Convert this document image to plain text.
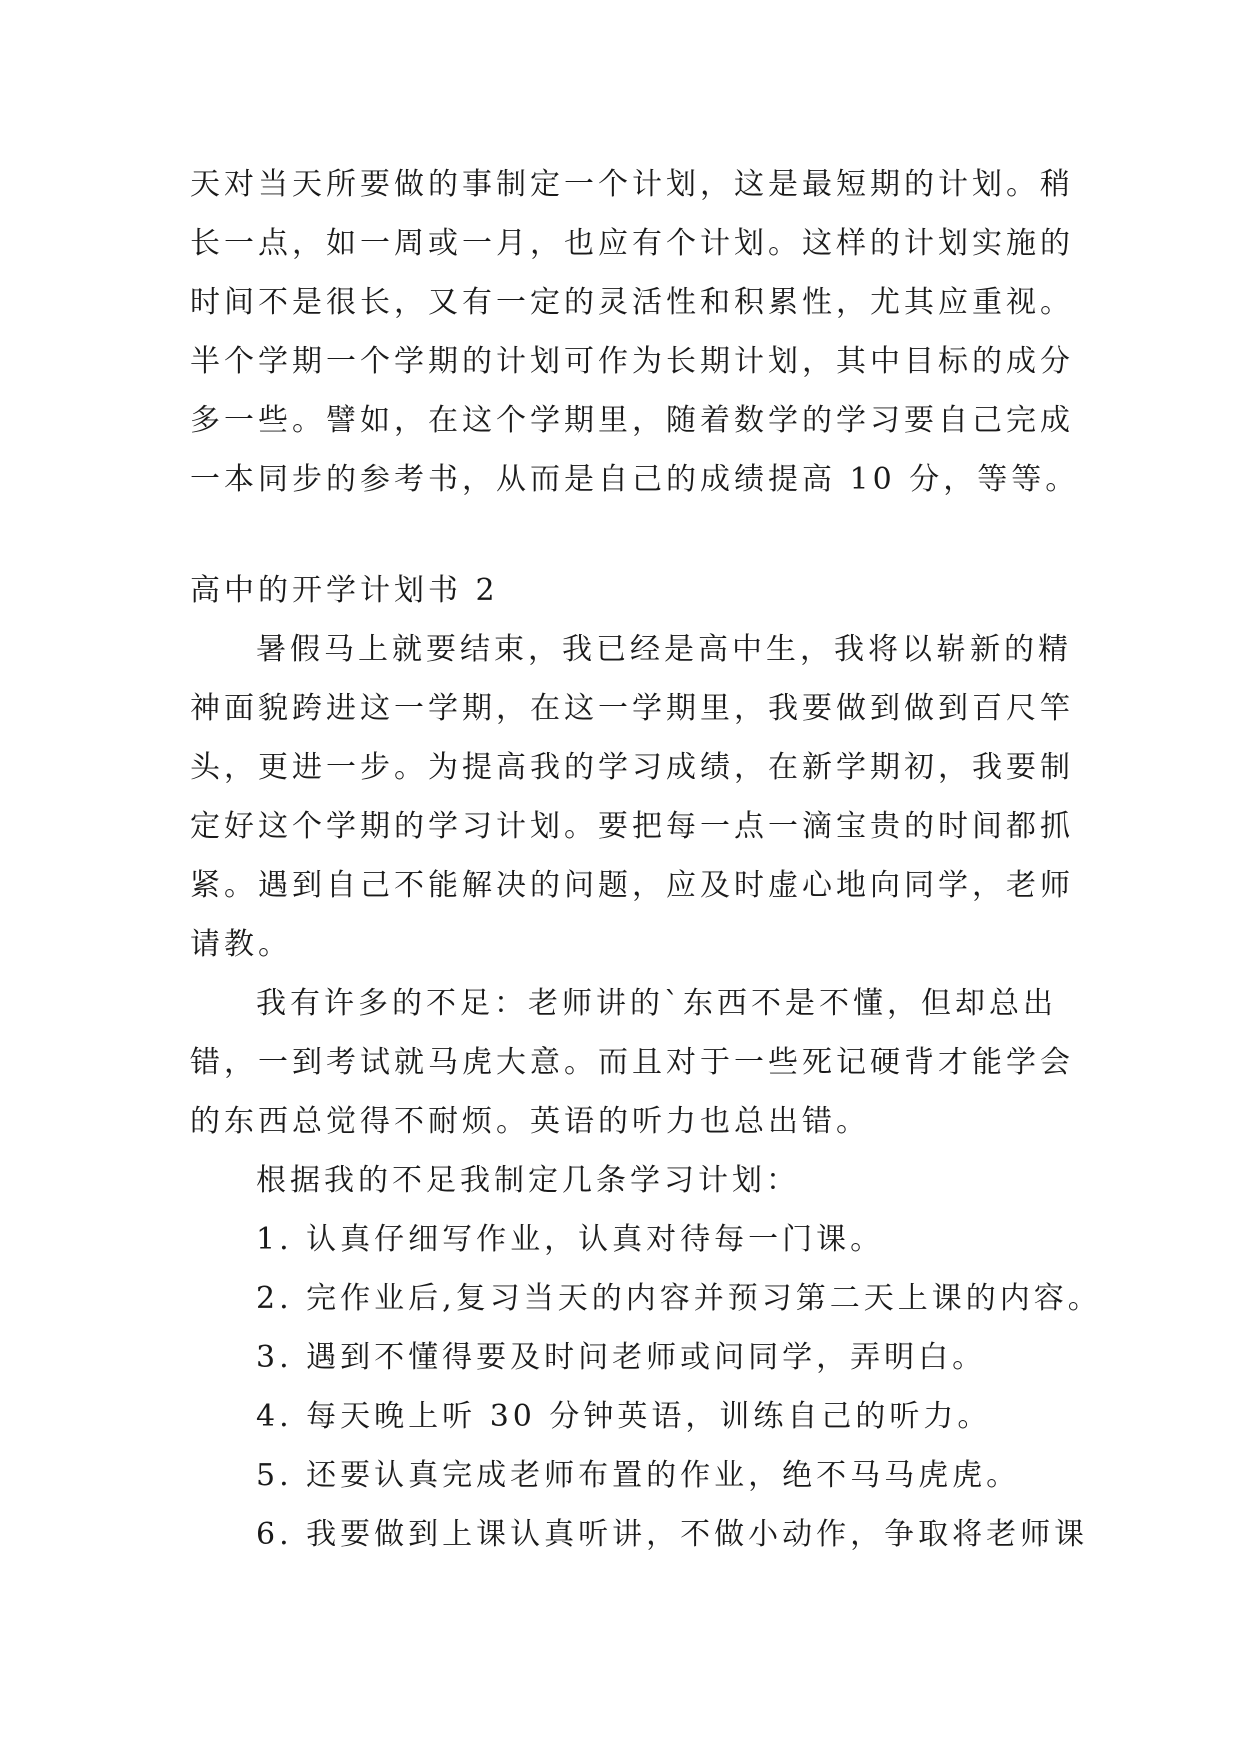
天对当天所要做的事制定一个计划，这是最短期的计划。稍
长一点，如一周或一月，也应有个计划。这样的计划实施的
时间不是很长，又有一定的灵活性和积累性，尤其应重视。
半个学期一个学期的计划可作为长期计划，其中目标的成分
多一些。譬如，在这个学期里，随着数学的学习要自己完成
一本同步的参考书，从而是自己的成绩提高 10 分，等等。
高中的开学计划书 2
暑假马上就要结束，我已经是高中生，我将以崭新的精
神面貌跨进这一学期，在这一学期里，我要做到做到百尺竿
头，更进一步。为提高我的学习成绩，在新学期初，我要制
定好这个学期的学习计划。要把每一点一滴宝贵的时间都抓
紧。遇到自己不能解决的问题，应及时虚心地向同学，老师
请教。
我有许多的不足：老师讲的`东西不是不懂，但却总出
错，一到考试就马虎大意。而且对于一些死记硬背才能学会
的东西总觉得不耐烦。英语的听力也总出错。
根据我的不足我制定几条学习计划：
1. 认真仔细写作业，认真对待每一门课。
2. 完作业后,复习当天的内容并预习第二天上课的内容。
3. 遇到不懂得要及时问老师或问同学，弄明白。
4. 每天晚上听 30 分钟英语，训练自己的听力。
5. 还要认真完成老师布置的作业，绝不马马虎虎。
6. 我要做到上课认真听讲，不做小动作，争取将老师课
